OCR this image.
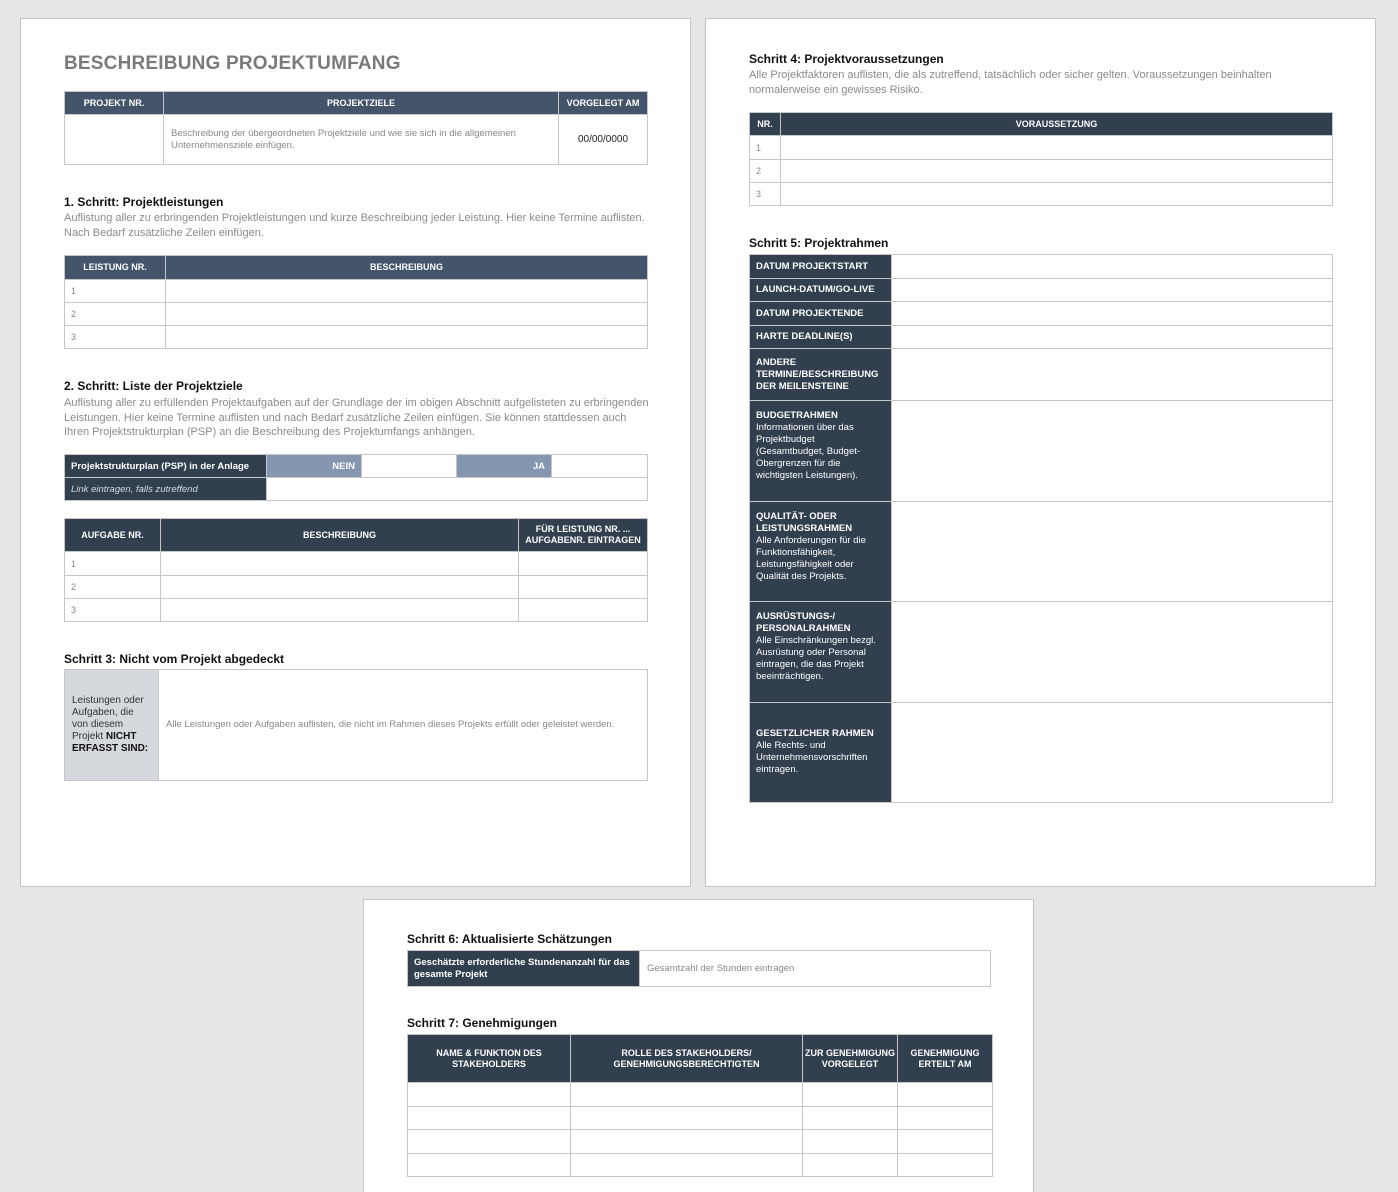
BESCHREIBUNG PROJEKTUMFANG
PROJEKT NR.	PROJEKTZIELE	VORGELEGT AM
	Beschreibung der übergeordneten Projektziele und wie sie sich in die allgemeinen Unternehmensziele einfügen.	00/00/0000
1. Schritt: Projektleistungen
Auflistung aller zu erbringenden Projektleistungen und kurze Beschreibung jeder Leistung. Hier keine Termine auflisten. Nach Bedarf zusätzliche Zeilen einfügen.
LEISTUNG NR.	BESCHREIBUNG
1	
2	
3	
2. Schritt: Liste der Projektziele
Auflistung aller zu erfüllenden Projektaufgaben auf der Grundlage der im obigen Abschnitt aufgelisteten zu erbringenden Leistungen. Hier keine Termine auflisten und nach Bedarf zusätzliche Zeilen einfügen. Sie können stattdessen auch Ihren Projektstrukturplan (PSP) an die Beschreibung des Projektumfangs anhängen.
Projektstrukturplan (PSP) in der Anlage	NEIN		JA	
Link eintragen, falls zutreffend				
AUFGABE NR.	BESCHREIBUNG	FÜR LEISTUNG NR. ... AUFGABENR. EINTRAGEN
1		
2		
3		
Schritt 3: Nicht vom Projekt abgedeckt
Leistungen oder Aufgaben, die von diesem Projekt NICHT ERFASST SIND:	Alle Leistungen oder Aufgaben auflisten, die nicht im Rahmen dieses Projekts erfüllt oder geleistet werden.
Schritt 4: Projektvoraussetzungen
Alle Projektfaktoren auflisten, die als zutreffend, tatsächlich oder sicher gelten. Voraussetzungen beinhalten normalerweise ein gewisses Risiko.
NR.	VORAUSSETZUNG
1	
2	
3	
Schritt 5: Projektrahmen
DATUM PROJEKTSTART	
LAUNCH-DATUM/GO-LIVE	
DATUM PROJEKTENDE	
HARTE DEADLINE(S)	
ANDERE TERMINE/BESCHREIBUNG DER MEILENSTEINE	
BUDGETRAHMEN
Informationen über das Projektbudget (Gesamtbudget, Budget-Obergrenzen für die wichtigsten Leistungen).	

QUALITÄT- ODER LEISTUNGSRAHMEN
Alle Anforderungen für die Funktionsfähigkeit, Leistungsfähigkeit oder Qualität des Projekts.	

AUSRÜSTUNGS-/ PERSONALRAHMEN
Alle Einschränkungen bezgl. Ausrüstung oder Personal eintragen, die das Projekt beeinträchtigen.	

GESETZLICHER RAHMEN
Alle Rechts- und Unternehmensvorschriften eintragen.	

Schritt 6: Aktualisierte Schätzungen
Geschätzte erforderliche Stundenanzahl für das gesamte Projekt	Gesamtzahl der Stunden eintragen
Schritt 7: Genehmigungen
NAME & FUNKTION DES STAKEHOLDERS	ROLLE DES STAKEHOLDERS/ GENEHMIGUNGSBERECHTIGTEN	ZUR GENEHMIGUNG VORGELEGT	GENEHMIGUNG ERTEILT AM
